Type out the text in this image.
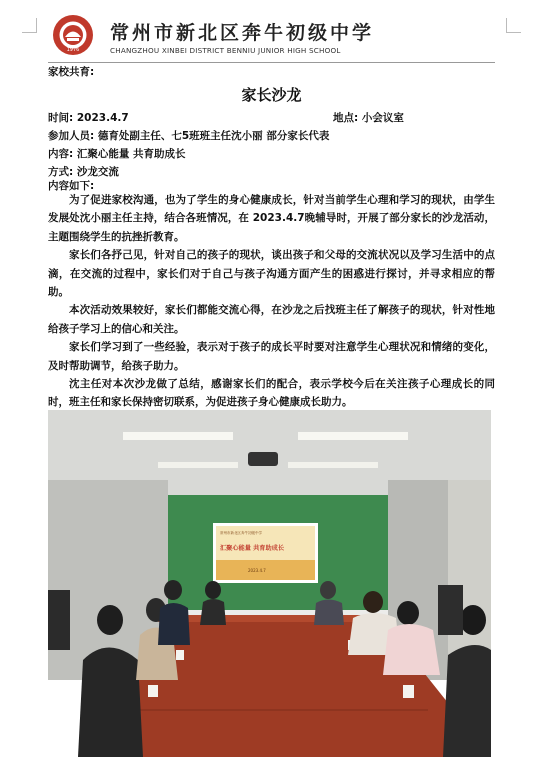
1976
常州市新北区奔牛初级中学
CHANGZHOU XINBEI DISTRICT BENNIU JUNIOR HIGH SCHOOL
家校共育:
家长沙龙
时间: 2023.4.7	地点: 小会议室
参加人员: 德育处副主任、七5班班主任沈小丽 部分家长代表
内容: 汇聚心能量 共育助成长
方式: 沙龙交流
内容如下:

为了促进家校沟通，也为了学生的身心健康成长，针对当前学生心理和学习的现状，由学生发展处沈小丽主任主持，结合各班情况，在 2023.4.7晚辅导时，开展了部分家长的沙龙活动，主题围绕学生的抗挫折教育。

家长们各抒己见，针对自己的孩子的现状，谈出孩子和父母的交流状况以及学习生活中的点滴，在交流的过程中，家长们对于自己与孩子沟通方面产生的困惑进行探讨，并寻求相应的帮助。

本次活动效果较好，家长们都能交流心得，在沙龙之后找班主任了解孩子的现状，针对性地给孩子学习上的信心和关注。

家长们学习到了一些经验，表示对于孩子的成长平时要对注意学生心理状况和情绪的变化，及时帮助调节，给孩子助力。

沈主任对本次沙龙做了总结，感谢家长们的配合，表示学校今后在关注孩子心理成长的同时，班主任和家长保持密切联系，为促进孩子身心健康成长助力。

常州市新北区奔牛初级中学
汇聚心能量 共育助成长
2023.4.7
